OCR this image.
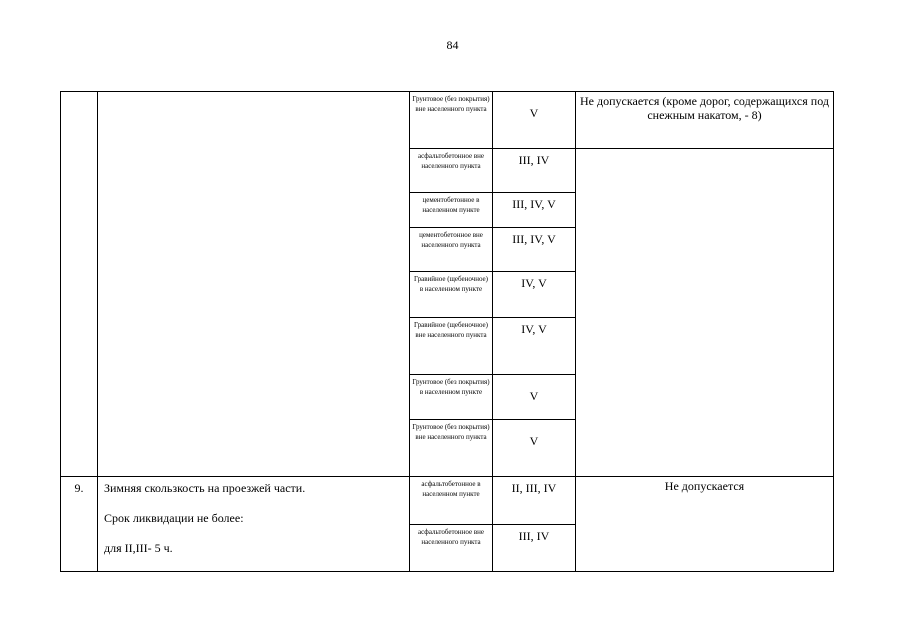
84

		Грунтовое (без покрытия) вне населенного пункта	V	Не допускается (кроме дорог, содержащихся под снежным накатом, - 8)

		асфальтобетонное вне населенного пункта	III, IV	

		цементобетонное в населенном пункте	III, IV, V	

		цементобетонное вне населенного пункта	III, IV, V	

		Гравийное (щебеночное) в населенном пункте	IV, V	

		Гравийное (щебеночное) вне населенного пункта	IV, V	

		Грунтовое (без покрытия) в населенном пункте	V	

		Грунтовое (без покрытия) вне населенного пункта	V	

9.	Зимняя скользкость на проезжей части.
Срок ликвидации не более:
для II,III- 5 ч.	асфальтобетонное в населенном пункте	II, III, IV	Не допускается

		асфальтобетонное вне населенного пункта	III, IV	
